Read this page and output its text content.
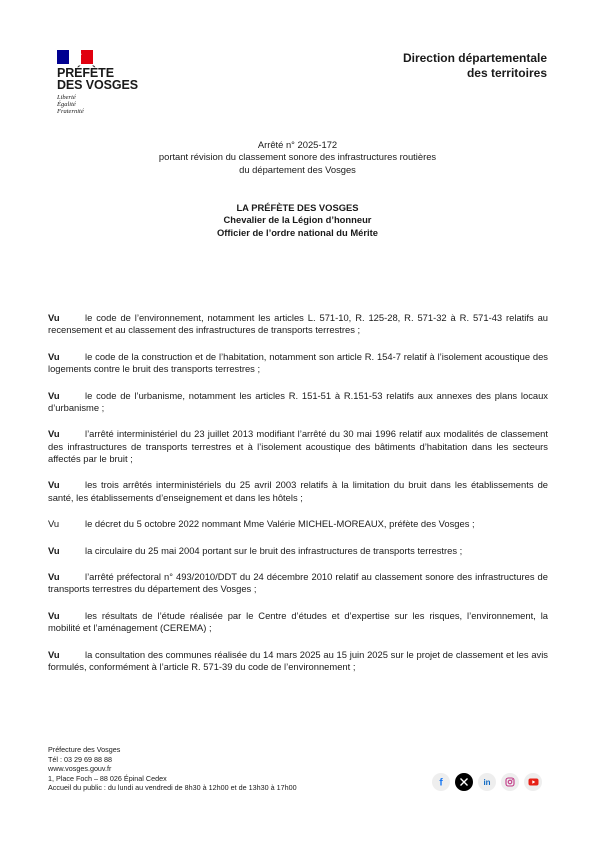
PRÉFÈTE
DES VOSGES
Liberté
Égalité
Fraternité
Direction départementale
des territoires
Arrêté n° 2025-172
portant révision du classement sonore des infrastructures routières
du département des Vosges
LA PRÉFÈTE DES VOSGES
Chevalier de la Légion d’honneur
Officier de l’ordre national du Mérite

Vu	le code de l’environnement, notamment les articles L. 571-10, R. 125-28, R. 571-32 à R. 571-43 relatifs au recensement et au classement des infrastructures de transports terrestres ;

Vu	le code de la construction et de l’habitation, notamment son article R. 154-7 relatif à l’isolement acoustique des logements contre le bruit des transports terrestres ;

Vu	le code de l’urbanisme, notamment les articles R. 151-51 à R.151-53 relatifs aux annexes des plans locaux d’urbanisme ;

Vu	l’arrêté interministériel du 23 juillet 2013 modifiant l’arrêté du 30 mai 1996 relatif aux modalités de classement des infrastructures de transports terrestres et à l’isolement acoustique des bâtiments d’habitation dans les secteurs affectés par le bruit ;

Vu	les trois arrêtés interministériels du 25 avril 2003 relatifs à la limitation du bruit dans les établissements de santé, les établissements d’enseignement et dans les hôtels ;

Vu	le décret du 5 octobre 2022 nommant Mme Valérie MICHEL-MOREAUX, préfète des Vosges ;

Vu	la circulaire du 25 mai 2004 portant sur le bruit des infrastructures de transports terrestres ;

Vu	l’arrêté préfectoral n° 493/2010/DDT du 24 décembre 2010 relatif au classement sonore des infrastructures de transports terrestres du département des Vosges ;

Vu	les résultats de l’étude réalisée par le Centre d’études et d’expertise sur les risques, l’environnement, la mobilité et l’aménagement (CEREMA) ;

Vu	la consultation des communes réalisée du 14 mars 2025 au 15 juin 2025 sur le projet de classement et les avis formulés, conformément à l’article R. 571-39 du code de l’environnement ;

Préfecture des Vosges
Tél : 03 29 69 88 88
www.vosges.gouv.fr
1, Place Foch – 88 026 Épinal Cedex
Accueil du public : du lundi au vendredi de 8h30 à 12h00 et de 13h30 à 17h00	f	in
